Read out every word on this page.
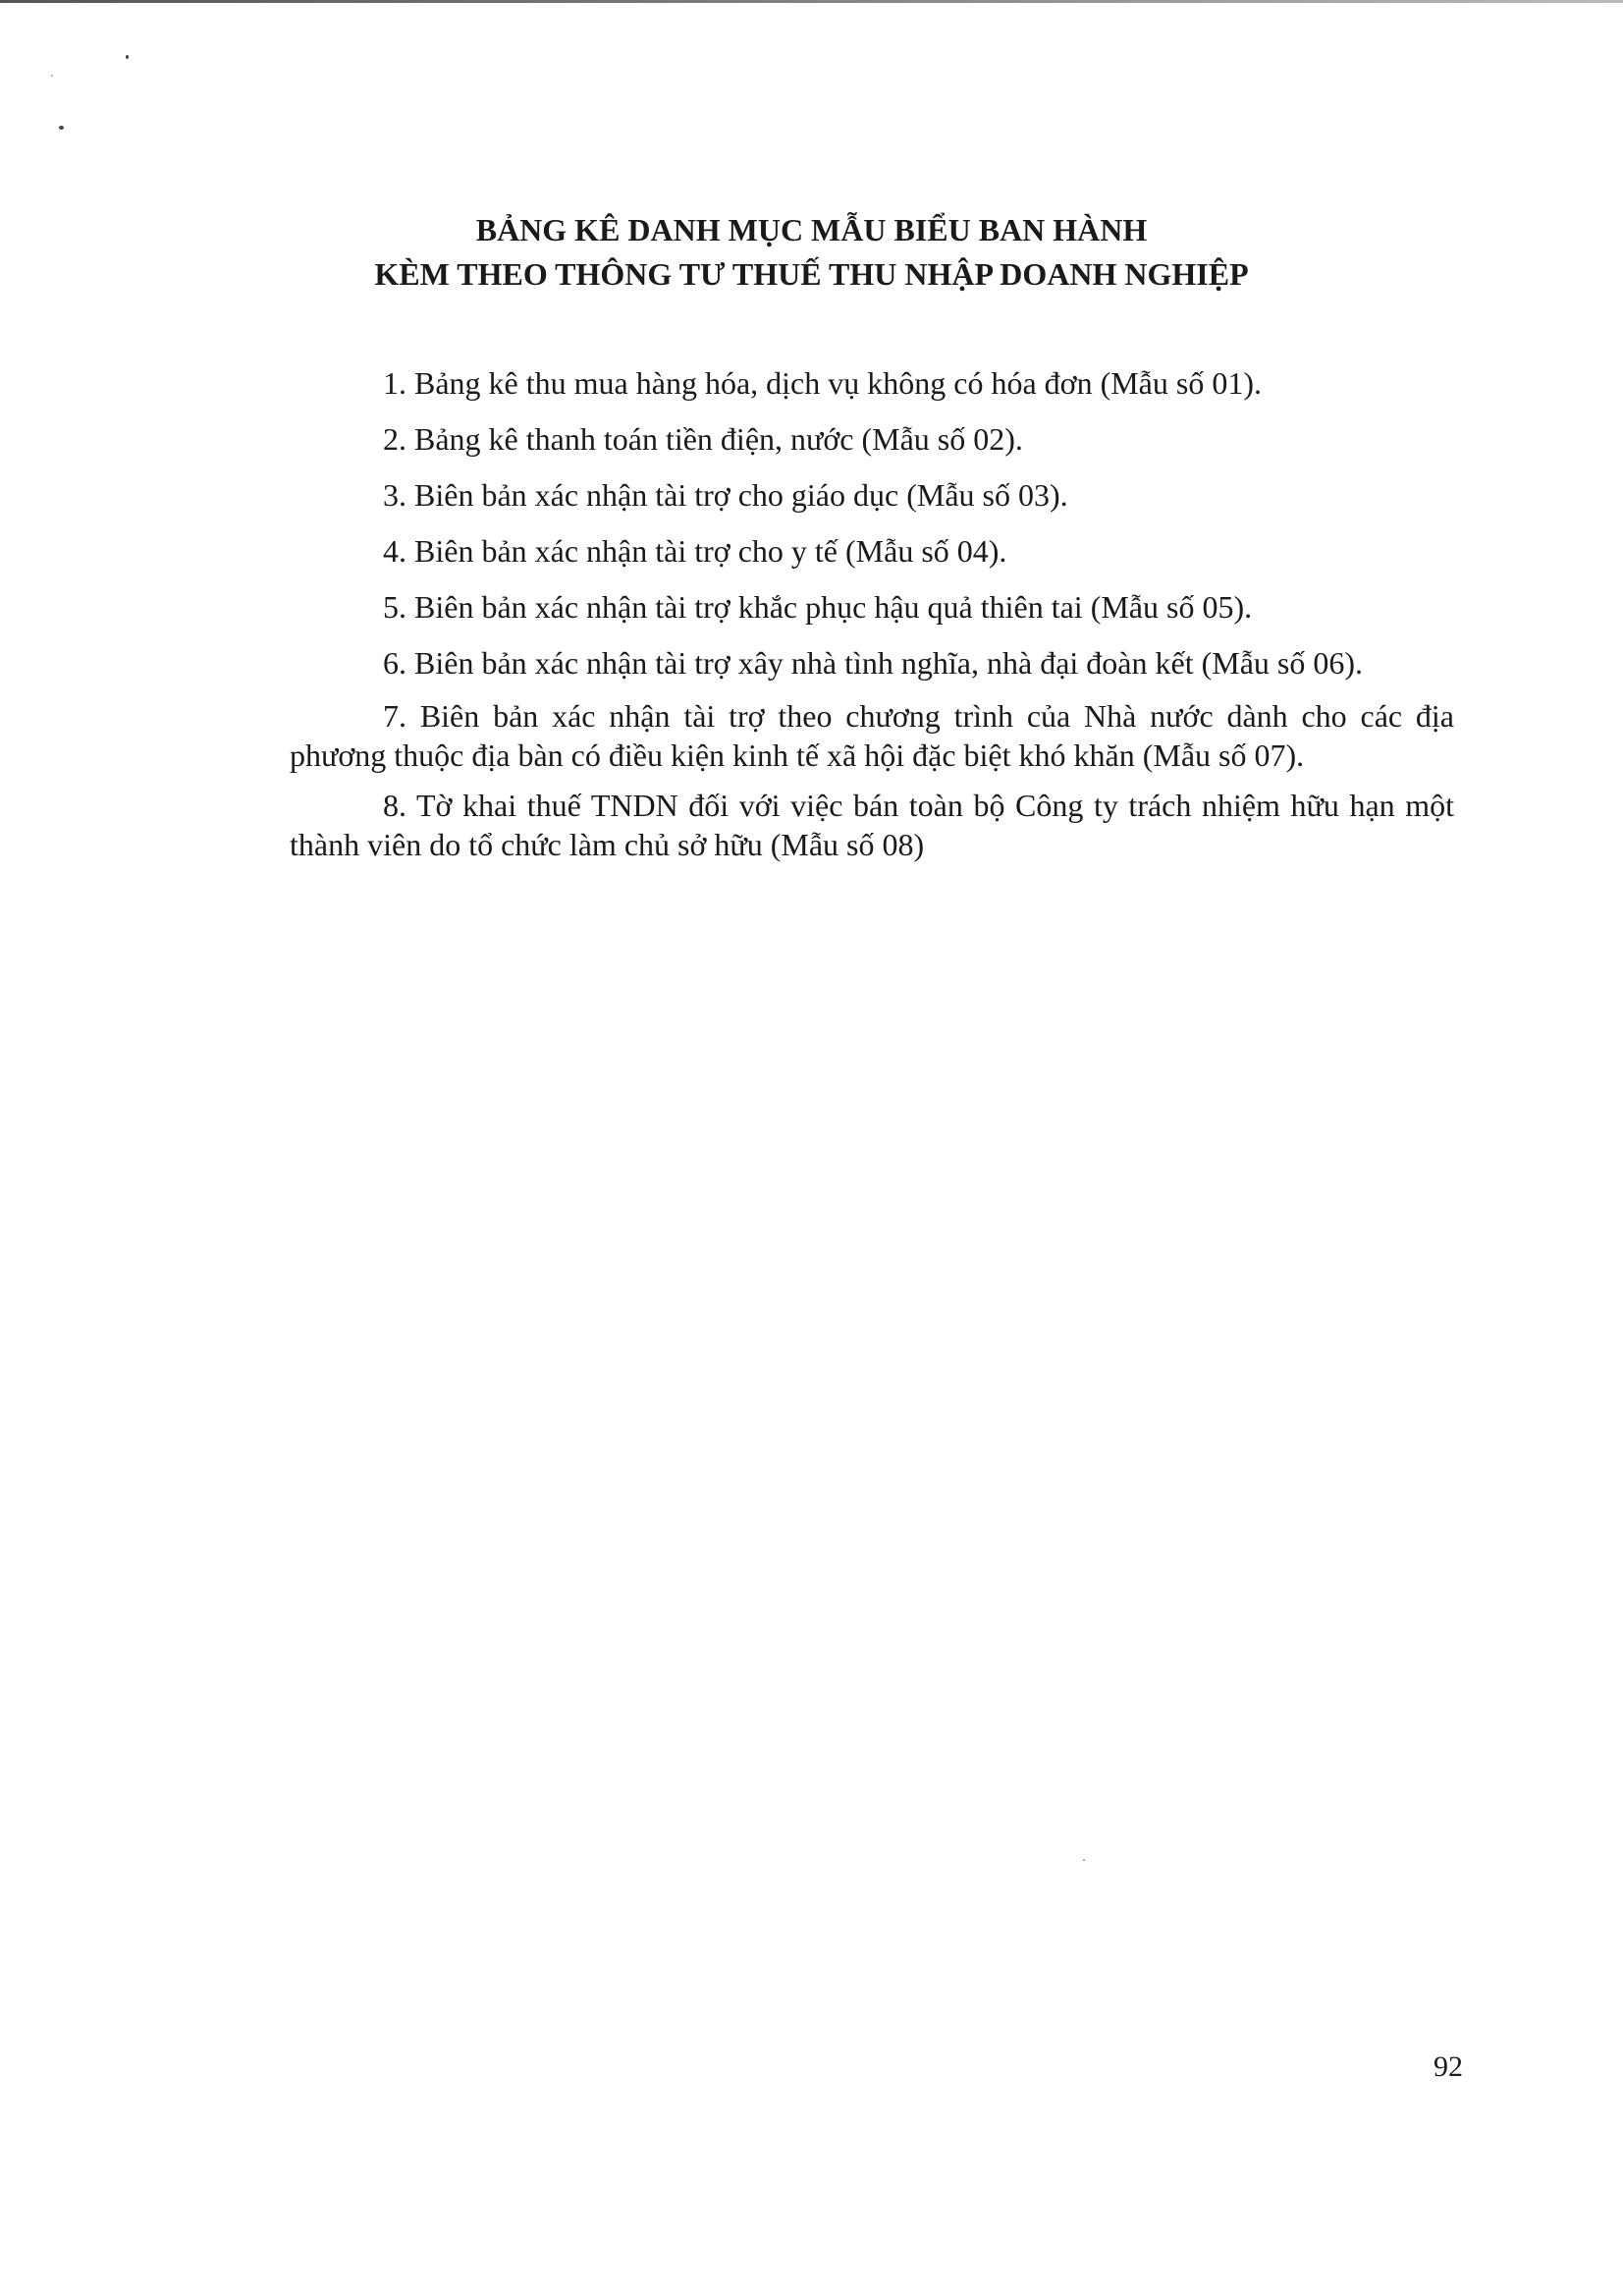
BẢNG KÊ DANH MỤC MẪU BIỂU BAN HÀNH
KÈM THEO THÔNG TƯ THUẾ THU NHẬP DOANH NGHIỆP

1. Bảng kê thu mua hàng hóa, dịch vụ không có hóa đơn (Mẫu số 01).

2. Bảng kê thanh toán tiền điện, nước (Mẫu số 02).

3. Biên bản xác nhận tài trợ cho giáo dục (Mẫu số 03).

4. Biên bản xác nhận tài trợ cho y tế (Mẫu số 04).

5. Biên bản xác nhận tài trợ khắc phục hậu quả thiên tai (Mẫu số 05).

6. Biên bản xác nhận tài trợ xây nhà tình nghĩa, nhà đại đoàn kết (Mẫu số 06).

7. Biên bản xác nhận tài trợ theo chương trình của Nhà nước dành cho các địa phương thuộc địa bàn có điều kiện kinh tế xã hội đặc biệt khó khăn (Mẫu số 07).

8. Tờ khai thuế TNDN đối với việc bán toàn bộ Công ty trách nhiệm hữu hạn một thành viên do tổ chức làm chủ sở hữu (Mẫu số 08)

92
